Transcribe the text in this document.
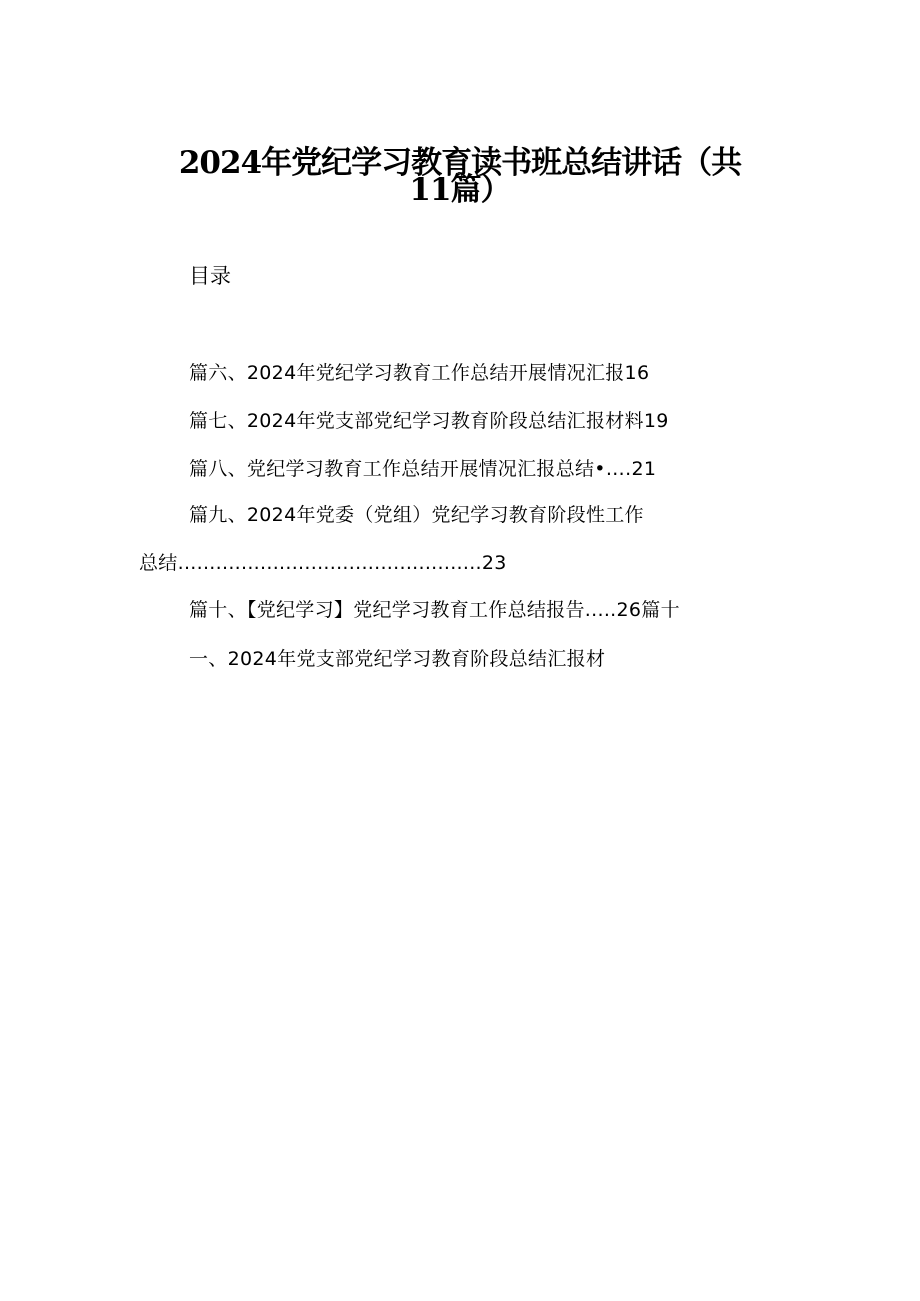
2024年党纪学习教育读书班总结讲话（共
11篇）
目录
篇六、2024年党纪学习教育工作总结开展情况汇报16
篇七、2024年党支部党纪学习教育阶段总结汇报材料19
篇八、党纪学习教育工作总结开展情况汇报总结•….21
篇九、2024年党委（党组）党纪学习教育阶段性工作
总结................................................23
篇十、【党纪学习】党纪学习教育工作总结报告.....26篇十
一、2024年党支部党纪学习教育阶段总结汇报材
